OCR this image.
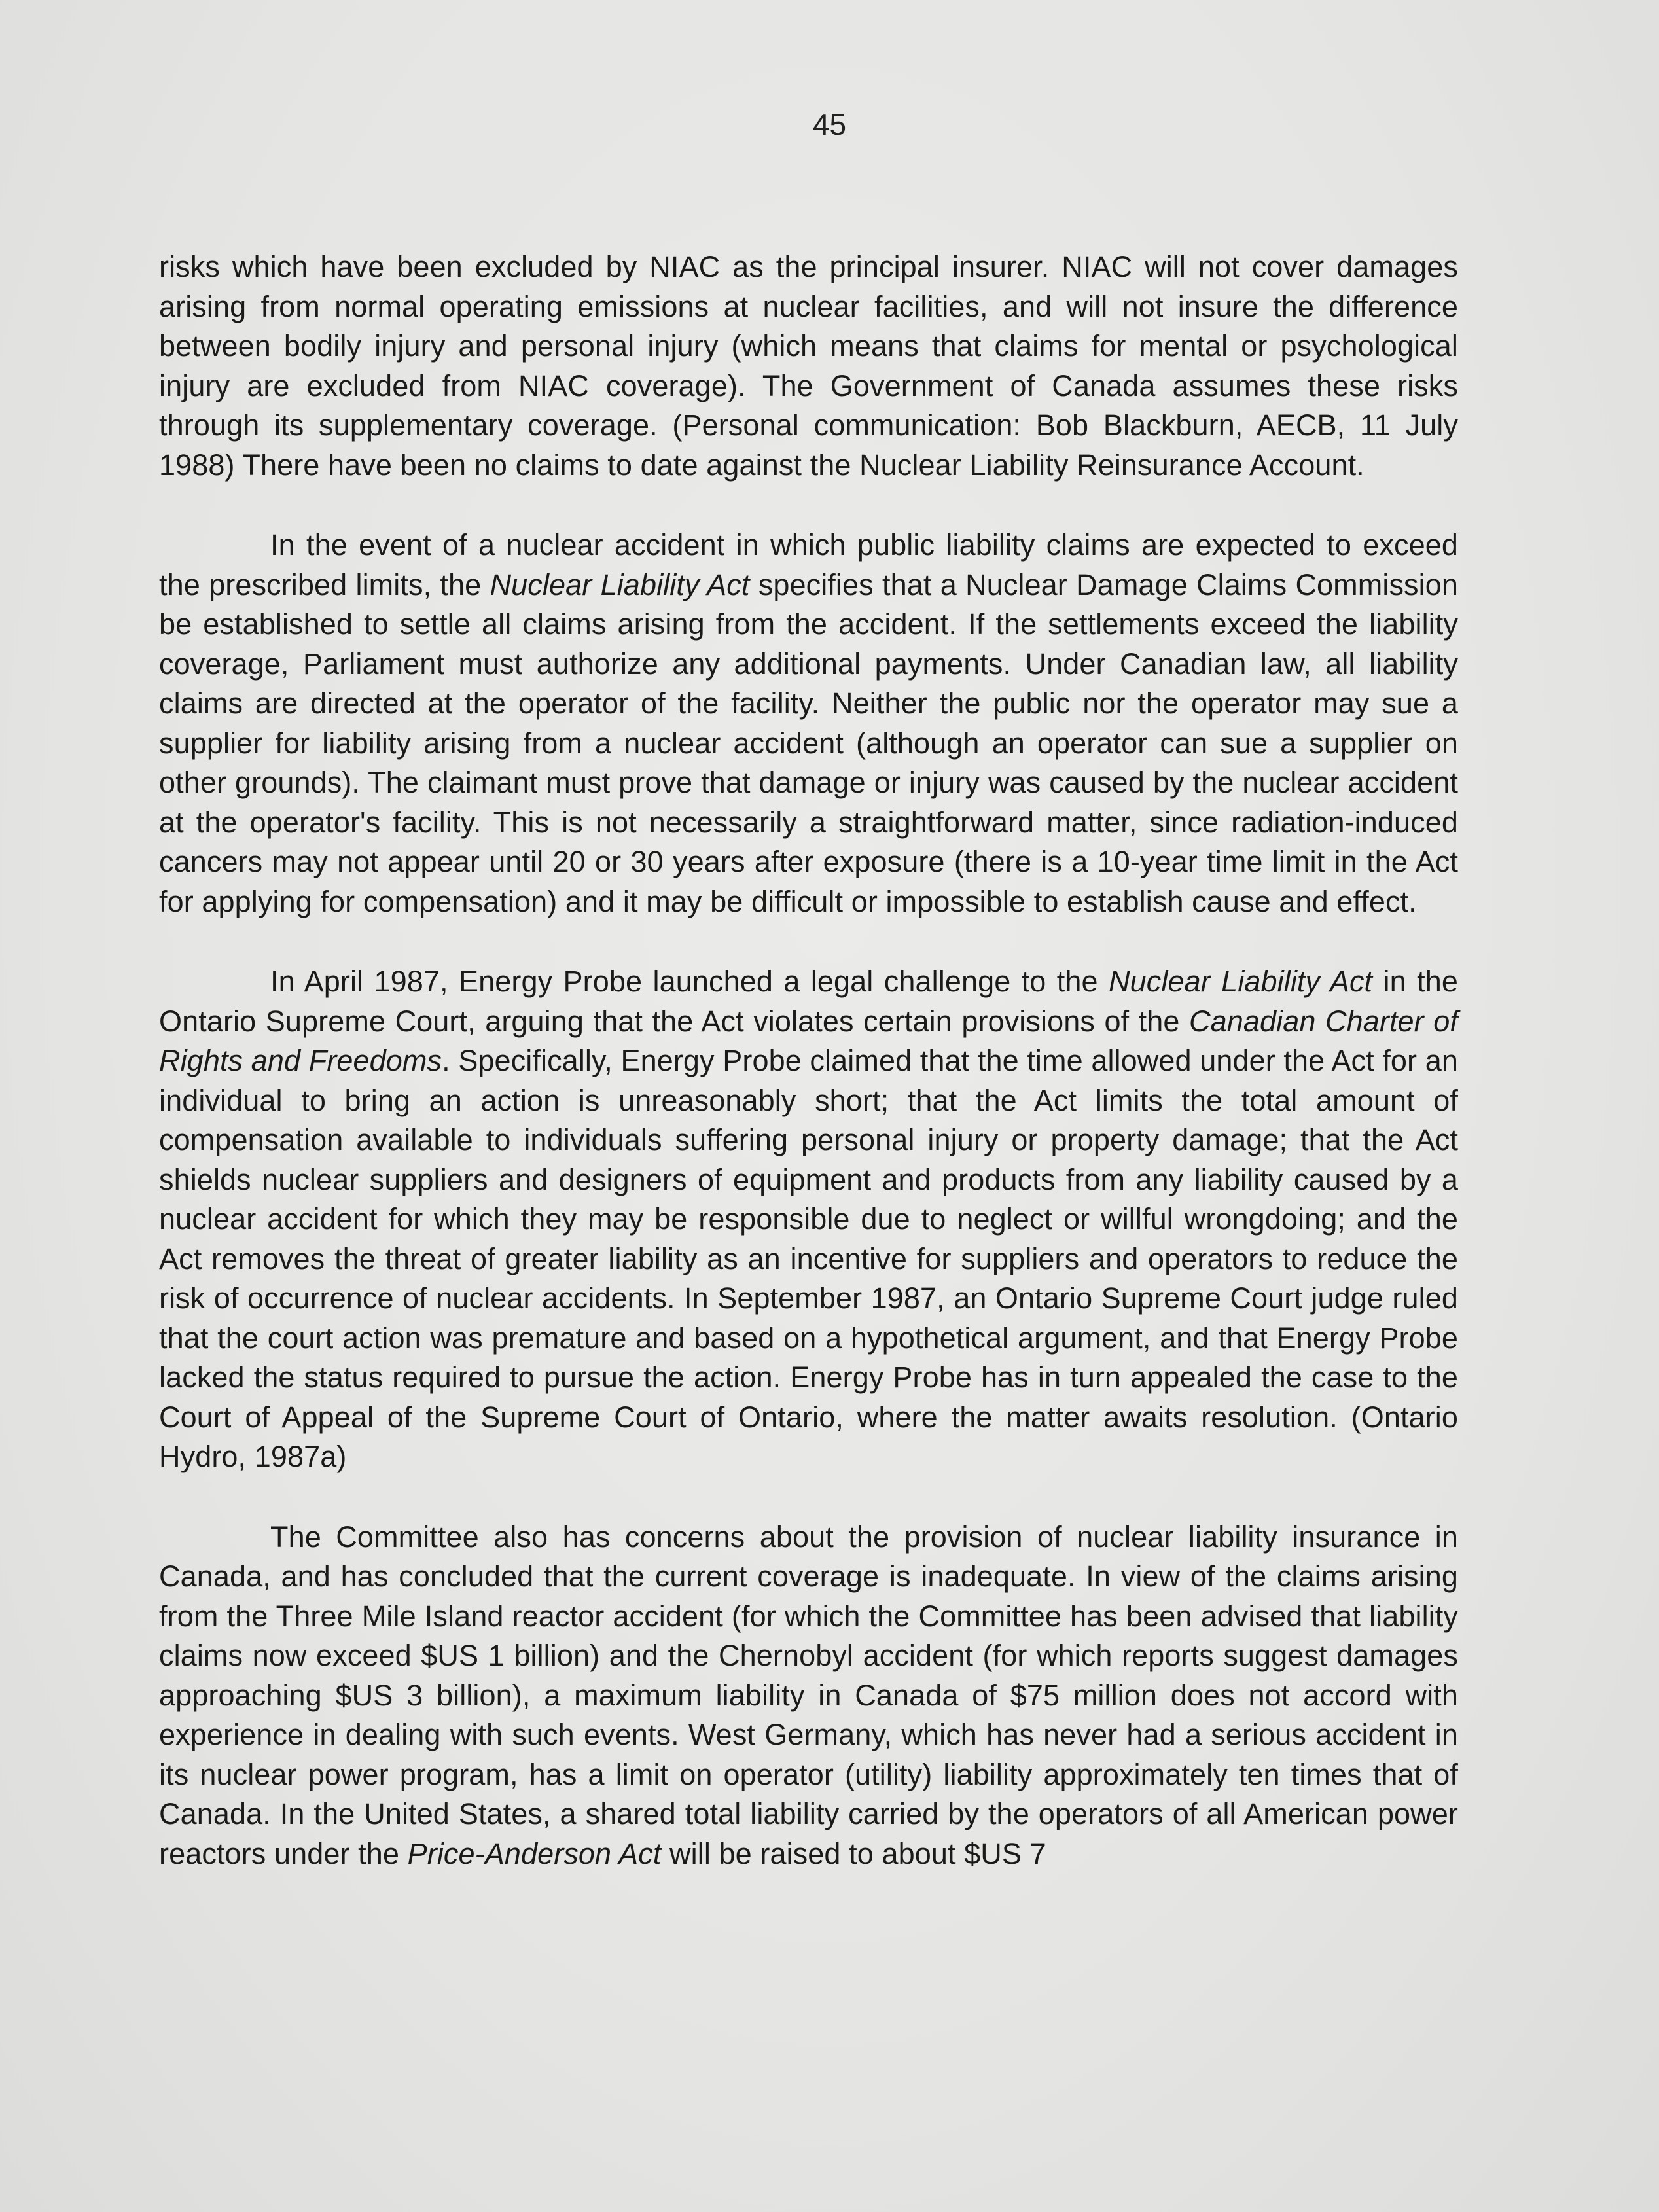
45

risks which have been excluded by NIAC as the principal insurer. NIAC will not cover damages arising from normal operating emissions at nuclear facilities, and will not insure the difference between bodily injury and personal injury (which means that claims for mental or psychological injury are excluded from NIAC coverage). The Government of Canada assumes these risks through its supplementary coverage. (Personal communication: Bob Blackburn, AECB, 11 July 1988) There have been no claims to date against the Nuclear Liability Reinsurance Account.

In the event of a nuclear accident in which public liability claims are expected to exceed the prescribed limits, the Nuclear Liability Act specifies that a Nuclear Damage Claims Commission be established to settle all claims arising from the accident. If the settlements exceed the liability coverage, Parliament must authorize any additional payments. Under Canadian law, all liability claims are directed at the operator of the facility. Neither the public nor the operator may sue a supplier for liability arising from a nuclear accident (although an operator can sue a supplier on other grounds). The claimant must prove that damage or injury was caused by the nuclear accident at the operator's facility. This is not necessarily a straightforward matter, since radiation-induced cancers may not appear until 20 or 30 years after exposure (there is a 10-year time limit in the Act for applying for compensation) and it may be difficult or impossible to establish cause and effect.

In April 1987, Energy Probe launched a legal challenge to the Nuclear Liability Act in the Ontario Supreme Court, arguing that the Act violates certain provisions of the Canadian Charter of Rights and Freedoms. Specifically, Energy Probe claimed that the time allowed under the Act for an individual to bring an action is unreasonably short; that the Act limits the total amount of compensation available to individuals suffering personal injury or property damage; that the Act shields nuclear suppliers and designers of equipment and products from any liability caused by a nuclear accident for which they may be responsible due to neglect or willful wrongdoing; and the Act removes the threat of greater liability as an incentive for suppliers and operators to reduce the risk of occurrence of nuclear accidents. In September 1987, an Ontario Supreme Court judge ruled that the court action was premature and based on a hypothetical argument, and that Energy Probe lacked the status required to pursue the action. Energy Probe has in turn appealed the case to the Court of Appeal of the Supreme Court of Ontario, where the matter awaits resolution. (Ontario Hydro, 1987a)

The Committee also has concerns about the provision of nuclear liability insurance in Canada, and has concluded that the current coverage is inadequate. In view of the claims arising from the Three Mile Island reactor accident (for which the Committee has been advised that liability claims now exceed $US 1 billion) and the Chernobyl accident (for which reports suggest damages approaching $US 3 billion), a maximum liability in Canada of $75 million does not accord with experience in dealing with such events. West Germany, which has never had a serious accident in its nuclear power program, has a limit on operator (utility) liability approximately ten times that of Canada. In the United States, a shared total liability carried by the operators of all American power reactors under the Price-Anderson Act will be raised to about $US 7
